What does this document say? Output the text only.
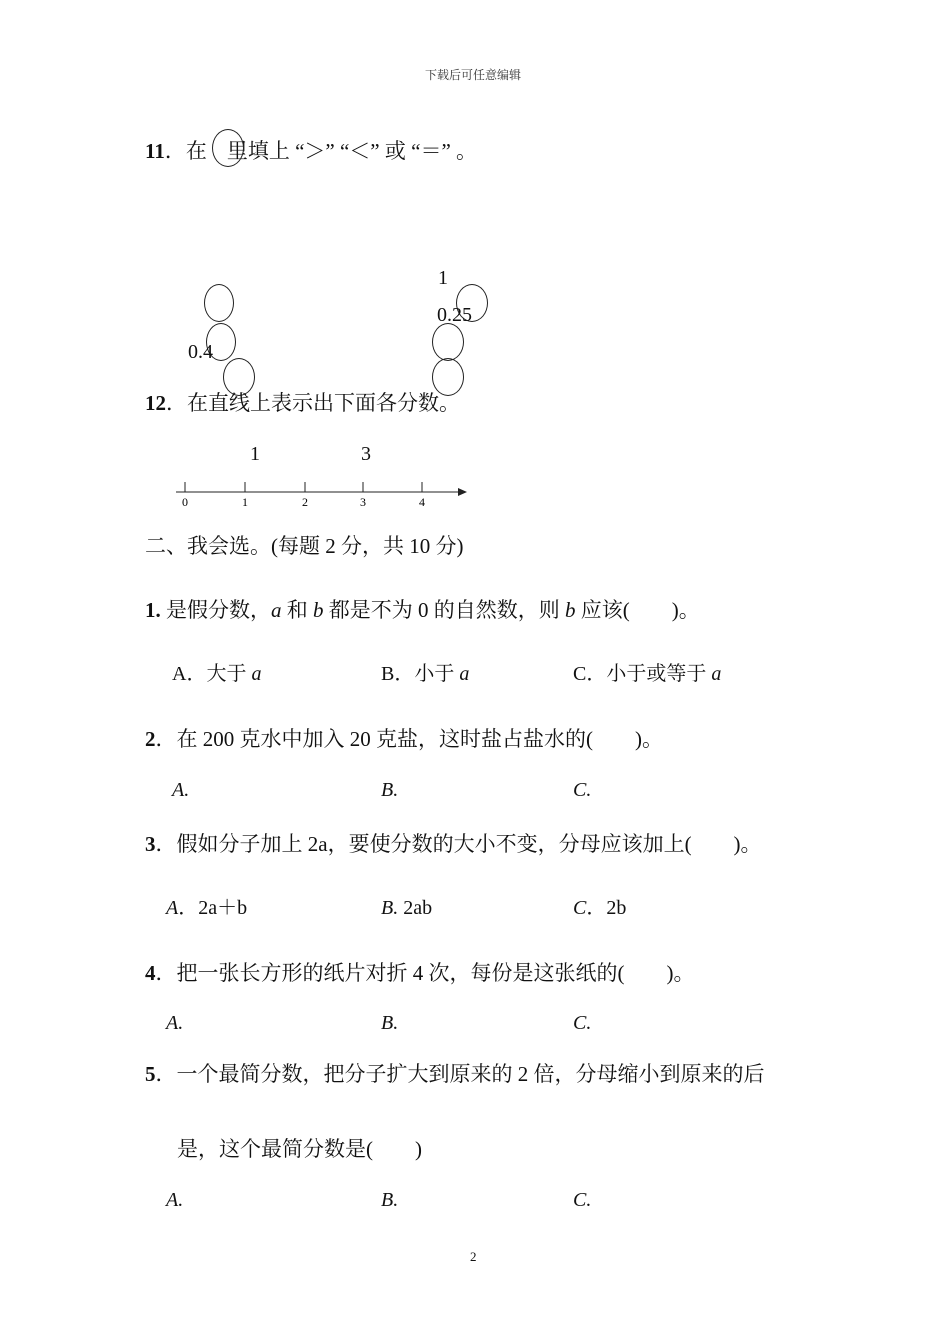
下载后可任意编辑
11．在 里填上 “＞” “＜” 或 “＝” 。
0.4
1
0.25
12．在直线上表示出下面各分数。
1	3
0	1	2	3	4
二、我会选。(每题 2 分，共 10 分)
1. 是假分数，a 和 b 都是不为 0 的自然数，则 b 应该(　　)。
A．大于 a	B．小于 a	C．小于或等于 a
2．在 200 克水中加入 20 克盐，这时盐占盐水的(　　)。
A.	B.	C.
3．假如分子加上 2a，要使分数的大小不变，分母应该加上(　　)。
A．2a＋b	B. 2ab	C．2b
4．把一张长方形的纸片对折 4 次，每份是这张纸的(　　)。
A.	B.	C.
5．一个最简分数，把分子扩大到原来的 2 倍，分母缩小到原来的后
是，这个最简分数是(　　)
A.	B.	C.
2
